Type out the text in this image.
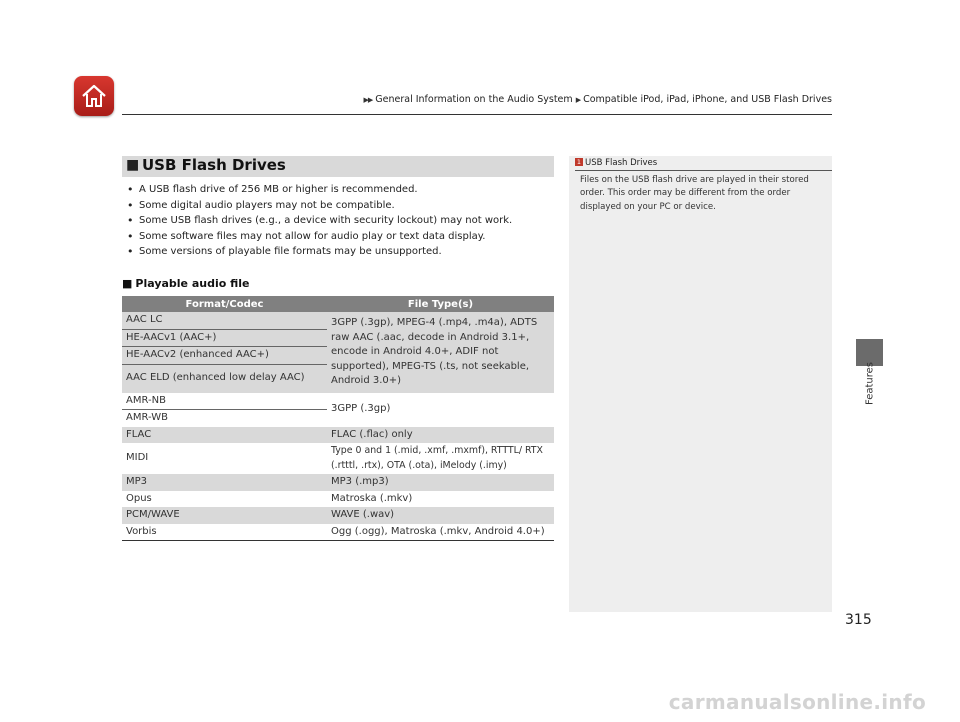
▶▶ General Information on the Audio System ▶ Compatible iPod, iPad, iPhone, and USB Flash Drives
Features
■ USB Flash Drives
• A USB flash drive of 256 MB or higher is recommended.
• Some digital audio players may not be compatible.
• Some USB flash drives (e.g., a device with security lockout) may not work.
• Some software files may not allow for audio play or text data display.
• Some versions of playable file formats may be unsupported.
■ Playable audio file
Format/Codec	File Type(s)
AAC LC	3GPP (.3gp), MPEG-4 (.mp4, .m4a), ADTS raw AAC (.aac, decode in Android 3.1+, encode in Android 4.0+, ADIF not supported), MPEG-TS (.ts, not seekable, Android 3.0+)
HE-AACv1 (AAC+)	
HE-AACv2 (enhanced AAC+)	
AAC ELD (enhanced low delay AAC)	
AMR-NB	3GPP (.3gp)
AMR-WB	
FLAC	FLAC (.flac) only
MIDI	Type 0 and 1 (.mid, .xmf, .mxmf), RTTTL/ RTX (.rtttl, .rtx), OTA (.ota), iMelody (.imy)
MP3	MP3 (.mp3)
Opus	Matroska (.mkv)
PCM/WAVE	WAVE (.wav)
Vorbis	Ogg (.ogg), Matroska (.mkv, Android 4.0+)
1 USB Flash Drives
Files on the USB flash drive are played in their stored order. This order may be different from the order displayed on your PC or device.
315
carmanualsonline.info
